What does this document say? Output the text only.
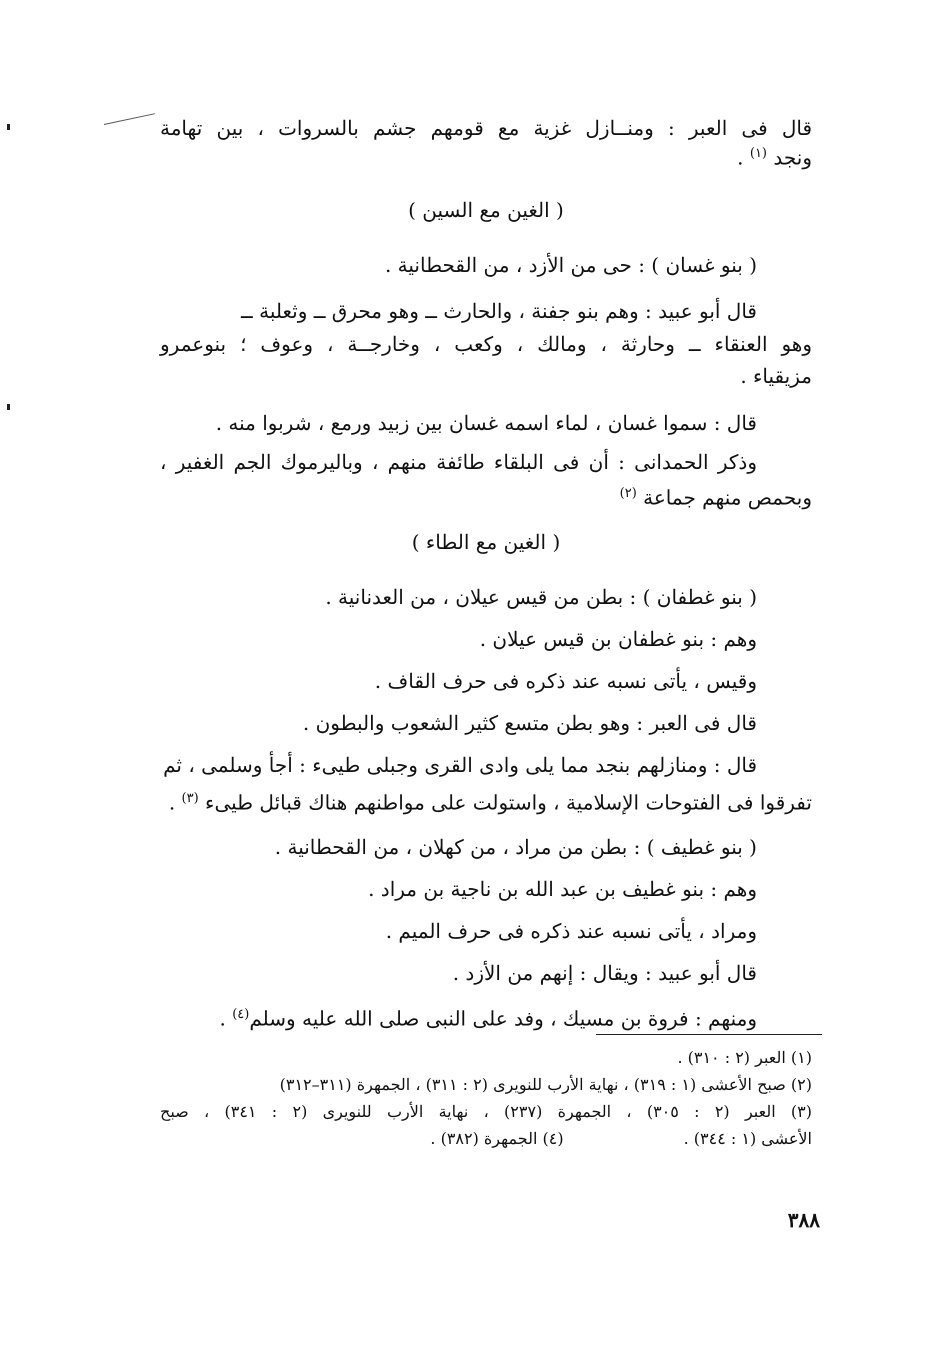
قال فى العبر : ومنــازل غزية مع قومهم جشم بالسروات ، بين تهامة
ونجد $^{(١)}$ .
( الغين مع السين )
( بنو غسان ) : حى من الأزد ، من القحطانية .
قال أبو عبيد : وهم بنو جفنة ، والحارث ــ وهو محرق ــ وثعلبة ــ
وهو العنقاء ــ وحارثة ، ومالك ، وكعب ، وخارجــة ، وعوف ؛ بنوعمرو
مزيقياء .
قال : سموا غسان ، لماء اسمه غسان بين زبيد ورمع ، شربوا منه .
وذكر الحمدانى : أن فى البلقاء طائفة منهم ، وباليرموك الجم الغفير ،
وبحمص منهم جماعة $^{(٢)}$
( الغين مع الطاء )
( بنو غطفان ) : بطن من قيس عيلان ، من العدنانية .
وهم : بنو غطفان بن قيس عيلان .
وقيس ، يأتى نسبه عند ذكره فى حرف القاف .
قال فى العبر : وهو بطن متسع كثير الشعوب والبطون .
قال : ومنازلهم بنجد مما يلى وادى القرى وجبلى طيىء : أجأ وسلمى ، ثم
تفرقوا فى الفتوحات الإسلامية ، واستولت على مواطنهم هناك قبائل طيىء $^{(٣)}$ .
( بنو غطيف ) : بطن من مراد ، من كهلان ، من القحطانية .
وهم : بنو غطيف بن عبد الله بن ناجية بن مراد .
ومراد ، يأتى نسبه عند ذكره فى حرف الميم .
قال أبو عبيد : ويقال : إنهم من الأزد .
ومنهم : فروة بن مسيك ، وفد على النبى صلى الله عليه وسلم$^{(٤)}$ .
(١) العبر (٢ : ٣١٠) .
(٢) صبح الأعشى (١ : ٣١٩) ، نهاية الأرب للنويرى (٢ : ٣١١) ، الجمهرة (٣١١–٣١٢)
(٣) العبر (٢ : ٣٠٥) ، الجمهرة (٢٣٧) ، نهاية الأرب للنويرى (٢ : ٣٤١) ، صبح
الأعشى (١ : ٣٤٤) .(٤) الجمهرة (٣٨٢) .
٣٨٨
